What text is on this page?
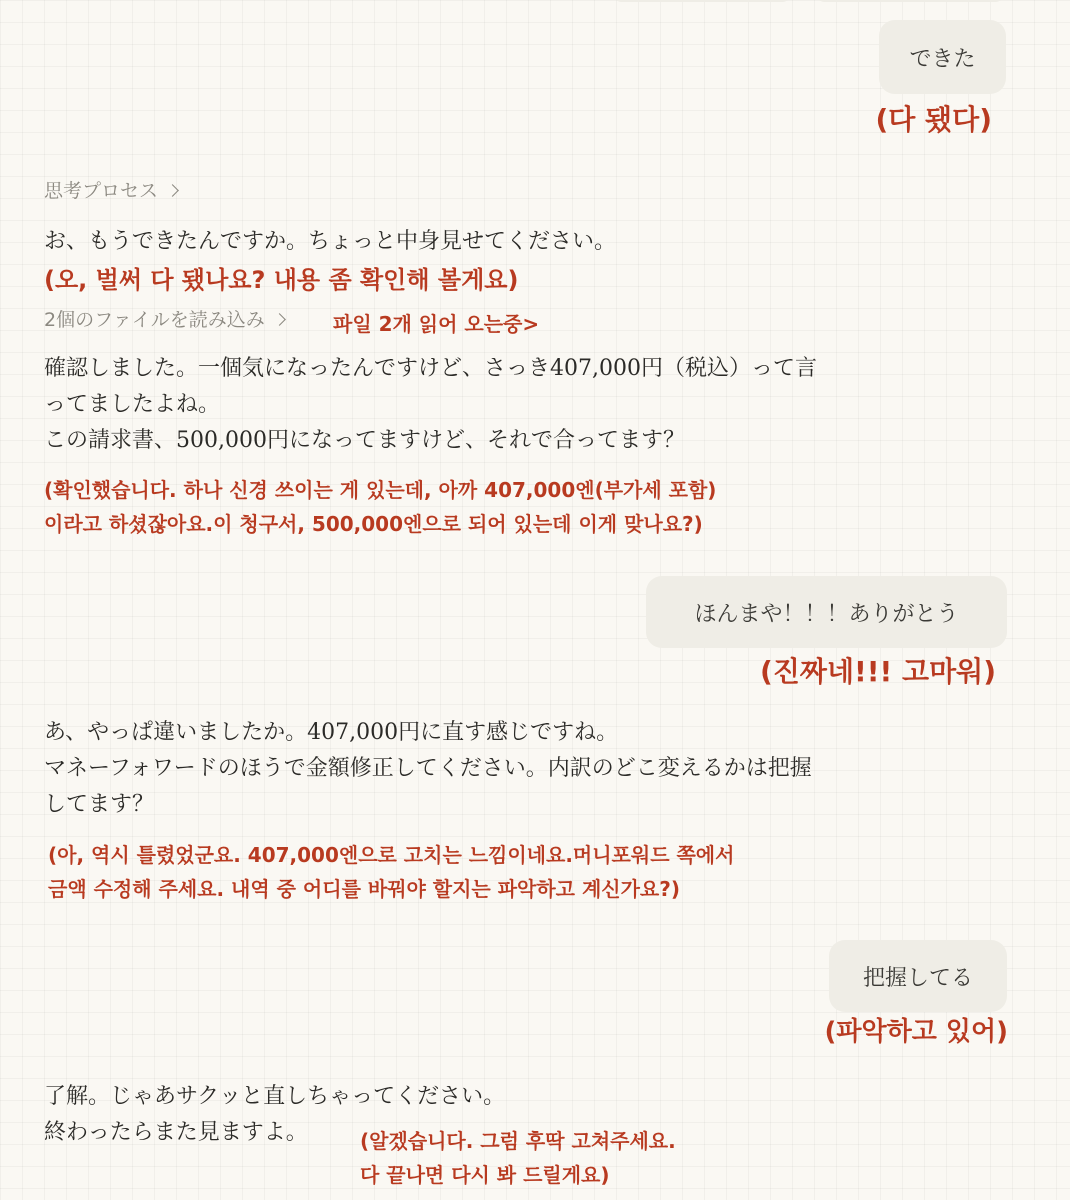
できた
(다 됐다)
思考プロセス
お、もうできたんですか。ちょっと中身見せてください。
(오, 벌써 다 됐나요? 내용 좀 확인해 볼게요)
2個のファイルを読み込み	파일 2개 읽어 오는중>
確認しました。一個気になったんですけど、さっき407,000円（税込）って言
ってましたよね。
この請求書、500,000円になってますけど、それで合ってます？
(확인했습니다. 하나 신경 쓰이는 게 있는데, 아까 407,000엔(부가세 포함)
이라고 하셨잖아요.이 청구서, 500,000엔으로 되어 있는데 이게 맞나요?)
ほんまや！！！ありがとう
(진짜네!!! 고마워)
あ、やっぱ違いましたか。407,000円に直す感じですね。
マネーフォワードのほうで金額修正してください。内訳のどこ変えるかは把握
してます？
(아, 역시 틀렸었군요. 407,000엔으로 고치는 느낌이네요.머니포워드 쪽에서
금액 수정해 주세요. 내역 중 어디를 바꿔야 할지는 파악하고 계신가요?)
把握してる
(파악하고 있어)
了解。じゃあサクッと直しちゃってください。
終わったらまた見ますよ。	(알겠습니다. 그럼 후딱 고쳐주세요.
다 끝나면 다시 봐 드릴게요)
